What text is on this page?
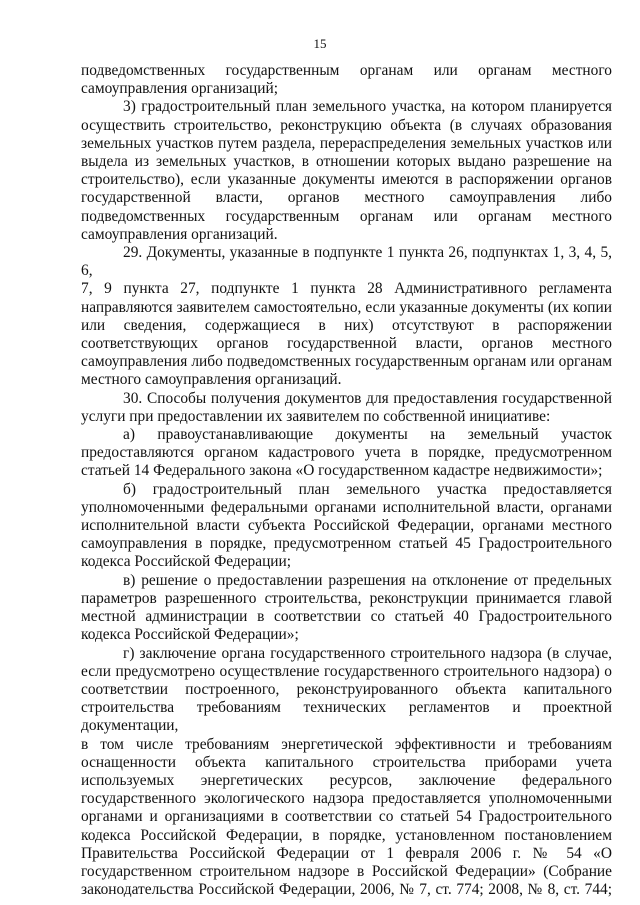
15

подведомственных государственным органам или органам местного
самоуправления организаций;

3) градостроительный план земельного участка, на котором планируется
осуществить строительство, реконструкцию объекта (в случаях образования
земельных участков путем раздела, перераспределения земельных участков или
выдела из земельных участков, в отношении которых выдано разрешение на
строительство), если указанные документы имеются в распоряжении органов
государственной власти, органов местного самоуправления либо
подведомственных государственным органам или органам местного
самоуправления организаций.

29. Документы, указанные в подпункте 1 пункта 26, подпунктах 1, 3, 4, 5, 6,
7, 9 пункта 27, подпункте 1 пункта 28 Административного регламента
направляются заявителем самостоятельно, если указанные документы (их копии
или сведения, содержащиеся в них) отсутствуют в распоряжении
соответствующих органов государственной власти, органов местного
самоуправления либо подведомственных государственным органам или органам
местного самоуправления организаций.

30. Способы получения документов для предоставления государственной
услуги при предоставлении их заявителем по собственной инициативе:

а) правоустанавливающие документы на земельный участок
предоставляются органом кадастрового учета в порядке, предусмотренном
статьей 14 Федерального закона «О государственном кадастре недвижимости»;

б) градостроительный план земельного участка предоставляется
уполномоченными федеральными органами исполнительной власти, органами
исполнительной власти субъекта Российской Федерации, органами местного
самоуправления в порядке, предусмотренном статьей 45 Градостроительного
кодекса Российской Федерации;

в) решение о предоставлении разрешения на отклонение от предельных
параметров разрешенного строительства, реконструкции принимается главой
местной администрации в соответствии со статьей 40 Градостроительного
кодекса Российской Федерации»;

г) заключение органа государственного строительного надзора (в случае,
если предусмотрено осуществление государственного строительного надзора) о
соответствии построенного, реконструированного объекта капитального
строительства требованиям технических регламентов и проектной документации,
в том числе требованиям энергетической эффективности и требованиям
оснащенности объекта капитального строительства приборами учета
используемых энергетических ресурсов, заключение федерального
государственного экологического надзора предоставляется уполномоченными
органами и организациями в соответствии со статьей 54 Градостроительного
кодекса Российской Федерации, в порядке, установленном постановлением
Правительства Российской Федерации от 1 февраля 2006 г. № 54 «О
государственном строительном надзоре в Российской Федерации» (Собрание
законодательства Российской Федерации, 2006, № 7, ст. 774; 2008, № 8, ст. 744;
